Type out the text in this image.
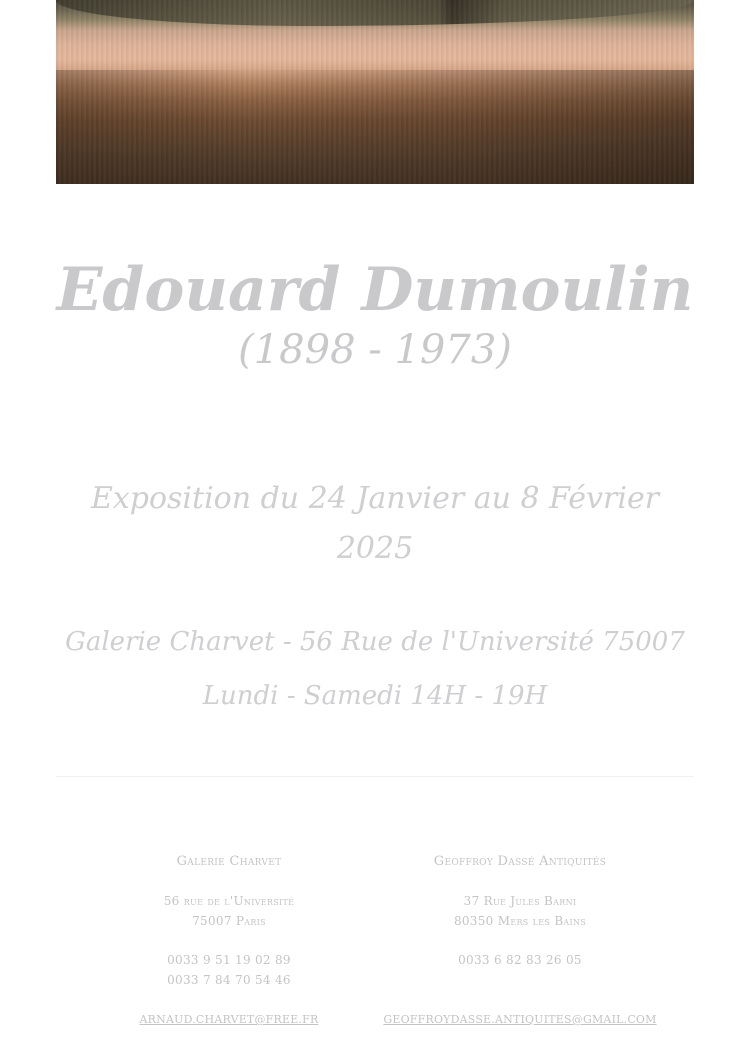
Edouard Dumoulin
(1898 - 1973)
Exposition du 24 Janvier au 8 Février 2025
Galerie Charvet - 56 Rue de l'Université 75007
Lundi - Samedi 14H - 19H
Galerie Charvet
56 rue de l'Université
75007 Paris
0033 9 51 19 02 89
0033 7 84 70 54 46
ARNAUD.CHARVET@FREE.FR
Geoffroy Dassé Antiquités
37 Rue Jules Barni
80350 Mers les Bains
0033 6 82 83 26 05
GEOFFROYDASSE.ANTIQUITES@GMAIL.COM
